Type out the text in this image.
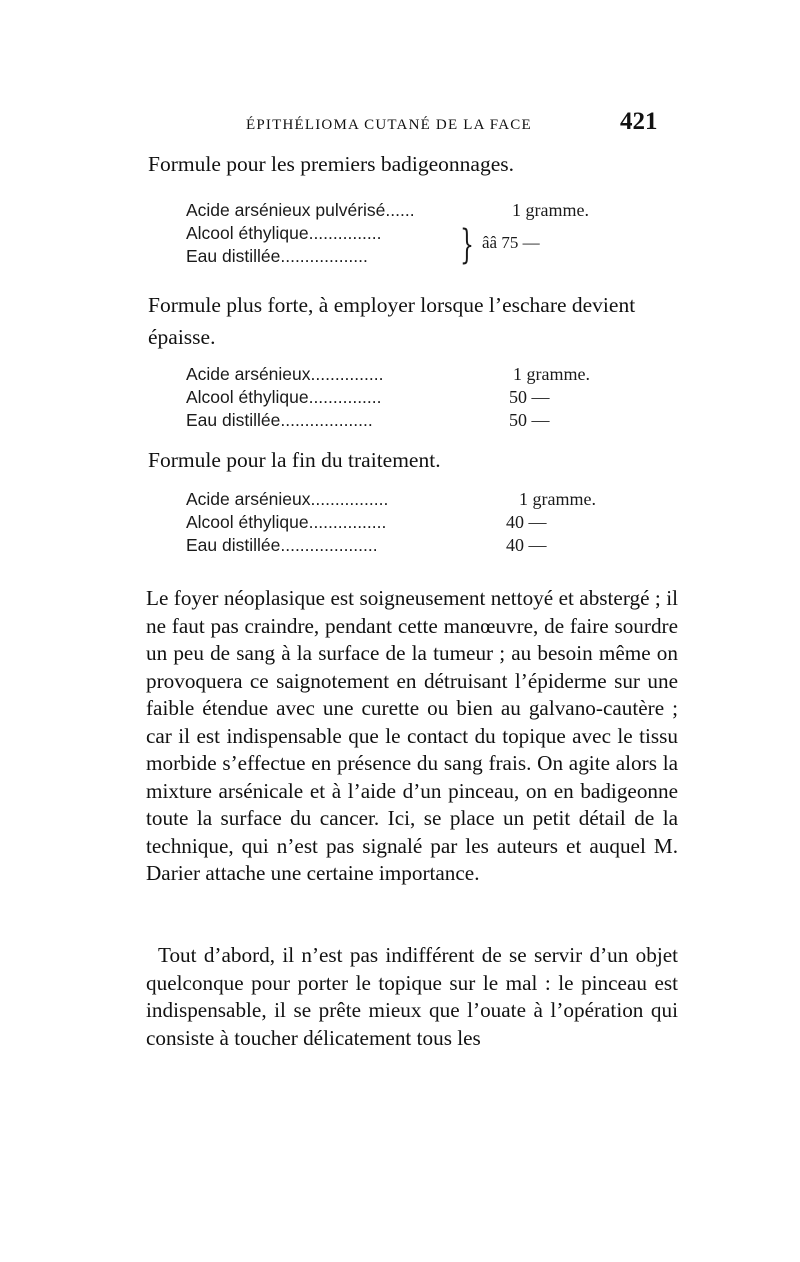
ÉPITHÉLIOMA CUTANÉ DE LA FACE	421
Formule pour les premiers badigeonnages.
Acide arsénieux pulvérisé......	1 gramme.
Alcool éthylique...............
Eau distillée.................. } ââ 75 —
Formule plus forte, à employer lorsque l’eschare devient épaisse.
Acide arsénieux...............	1 gramme.
Alcool éthylique...............	50 —
Eau distillée...................	50 —
Formule pour la fin du traitement.
Acide arsénieux................	1 gramme.
Alcool éthylique................	40 —
Eau distillée....................	40 —

Le foyer néoplasique est soigneusement nettoyé et abstergé ; il ne faut pas craindre, pendant cette manœuvre, de faire sourdre un peu de sang à la surface de la tumeur ; au besoin même on provoquera ce saignotement en détruisant l’épiderme sur une faible étendue avec une curette ou bien au galvano-cautère ; car il est indispensable que le contact du topique avec le tissu morbide s’effectue en présence du sang frais. On agite alors la mixture arsénicale et à l’aide d’un pinceau, on en badigeonne toute la surface du cancer. Ici, se place un petit détail de la technique, qui n’est pas signalé par les auteurs et auquel M. Darier attache une certaine importance.

Tout d’abord, il n’est pas indifférent de se servir d’un objet quelconque pour porter le topique sur le mal : le pinceau est indispensable, il se prête mieux que l’ouate à l’opération qui consiste à toucher délicatement tous les
